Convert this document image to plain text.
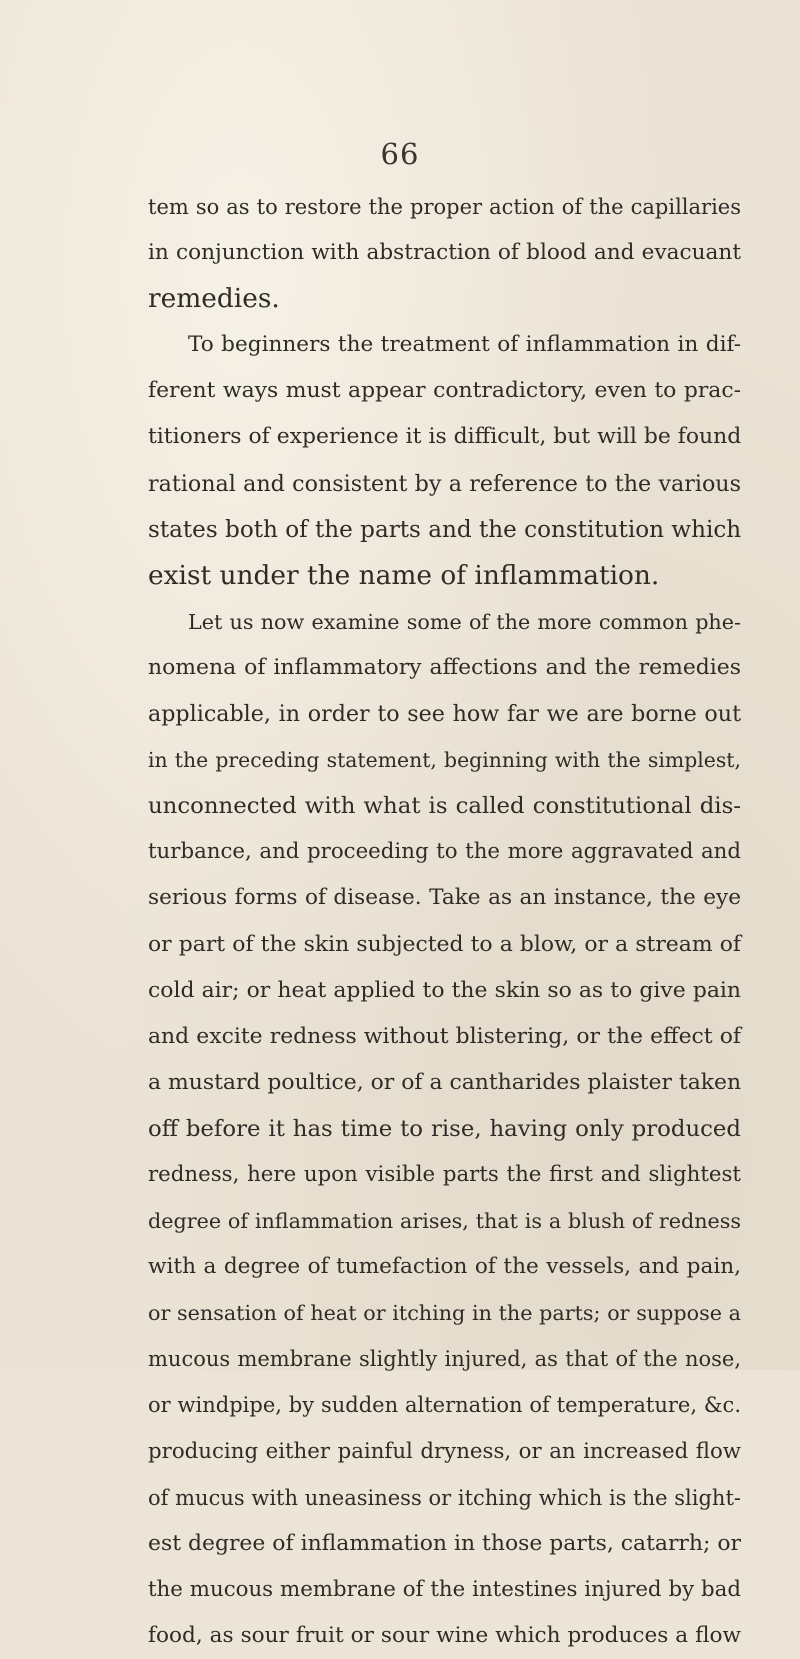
66
tem so as to restore the proper action of the capillaries
in conjunction with abstraction of blood and evacuant
remedies.
To beginners the treatment of inflammation in dif-
ferent ways must appear contradictory, even to prac-
titioners of experience it is difficult, but will be found
rational and consistent by a reference to the various
states both of the parts and the constitution which
exist under the name of inflammation.
Let us now examine some of the more common phe-
nomena of inflammatory affections and the remedies
applicable, in order to see how far we are borne out
in the preceding statement, beginning with the simplest,
unconnected with what is called constitutional dis-
turbance, and proceeding to the more aggravated and
serious forms of disease. Take as an instance, the eye
or part of the skin subjected to a blow, or a stream of
cold air; or heat applied to the skin so as to give pain
and excite redness without blistering, or the effect of
a mustard poultice, or of a cantharides plaister taken
off before it has time to rise, having only produced
redness, here upon visible parts the first and slightest
degree of inflammation arises, that is a blush of redness
with a degree of tumefaction of the vessels, and pain,
or sensation of heat or itching in the parts; or suppose a
mucous membrane slightly injured, as that of the nose,
or windpipe, by sudden alternation of temperature, &c.
producing either painful dryness, or an increased flow
of mucus with uneasiness or itching which is the slight-
est degree of inflammation in those parts, catarrh; or
the mucous membrane of the intestines injured by bad
food, as sour fruit or sour wine which produces a flow
